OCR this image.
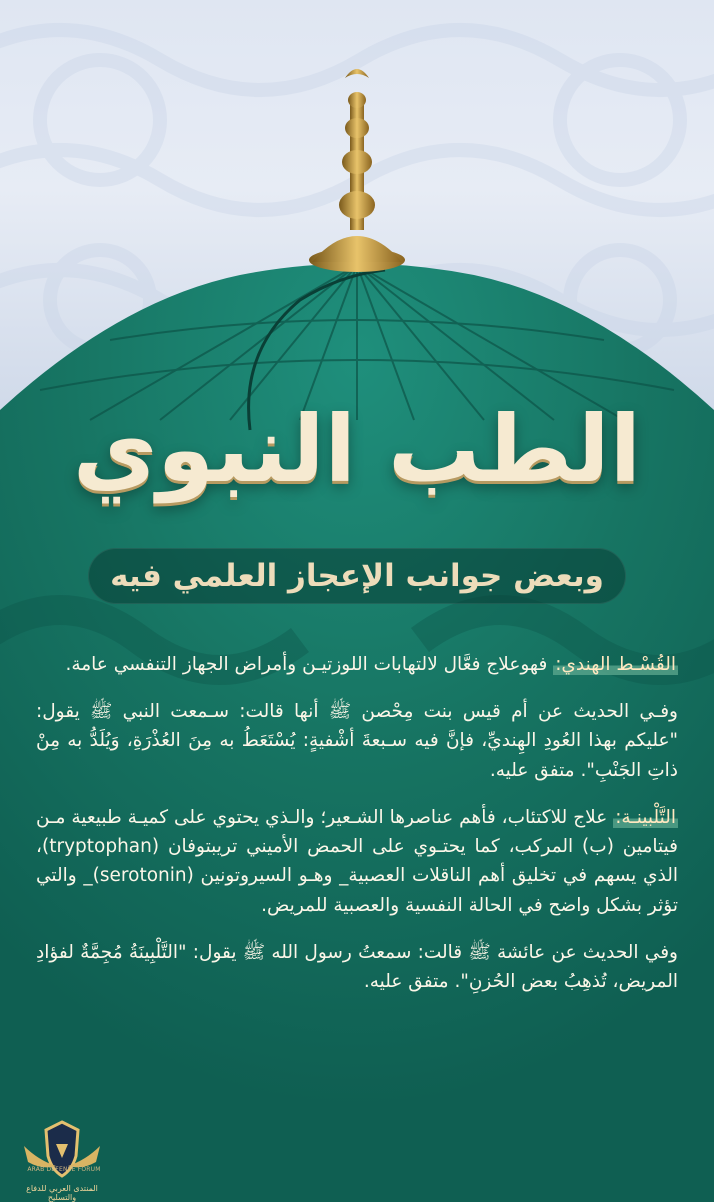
الطب النبوي
وبعض جوانب الإعجاز العلمي فيه

القُسْـط الهندي: فهوعلاج فعَّال لالتهابات اللوزتيـن وأمراض الجهاز التنفسي عامة.

وفـي الحديث عن أم قيس بنت مِحْصن ﷺ أنها قالت: سـمعت النبي ﷺ يقول: "عليكم بهذا العُودِ الهِنديِّ، فإنَّ فيه سـبعةَ أشْفيةٍ: يُسْتَعَطُ به مِنَ العُذْرَةِ، وَيُلَدُّ به مِنْ ذاتِ الجَنْبِ". متفق عليه.

التَّلْبينـة: علاج للاكتئاب، فأهم عناصرها الشـعير؛ والـذي يحتوي على كميـة طبيعية مـن فيتامين (ب) المركب، كما يحتـوي على الحمض الأميني تريبتوفان (tryptophan)، الذي يسهم في تخليق أهم الناقلات العصبية_ وهـو السيروتونين (serotonin)_ والتي تؤثر بشكل واضح في الحالة النفسية والعصبية للمريض.

وفي الحديث عن عائشة ﷺ قالت: سمعتُ رسول الله ﷺ يقول: "التَّلْبِينَةُ مُجِمَّةٌ لفؤادِ المريض، تُذهِبُ بعض الحُزنِ". متفق عليه.

ARAB DEFENSE FORUM
المنتدى العربي للدفاع والتسليح
